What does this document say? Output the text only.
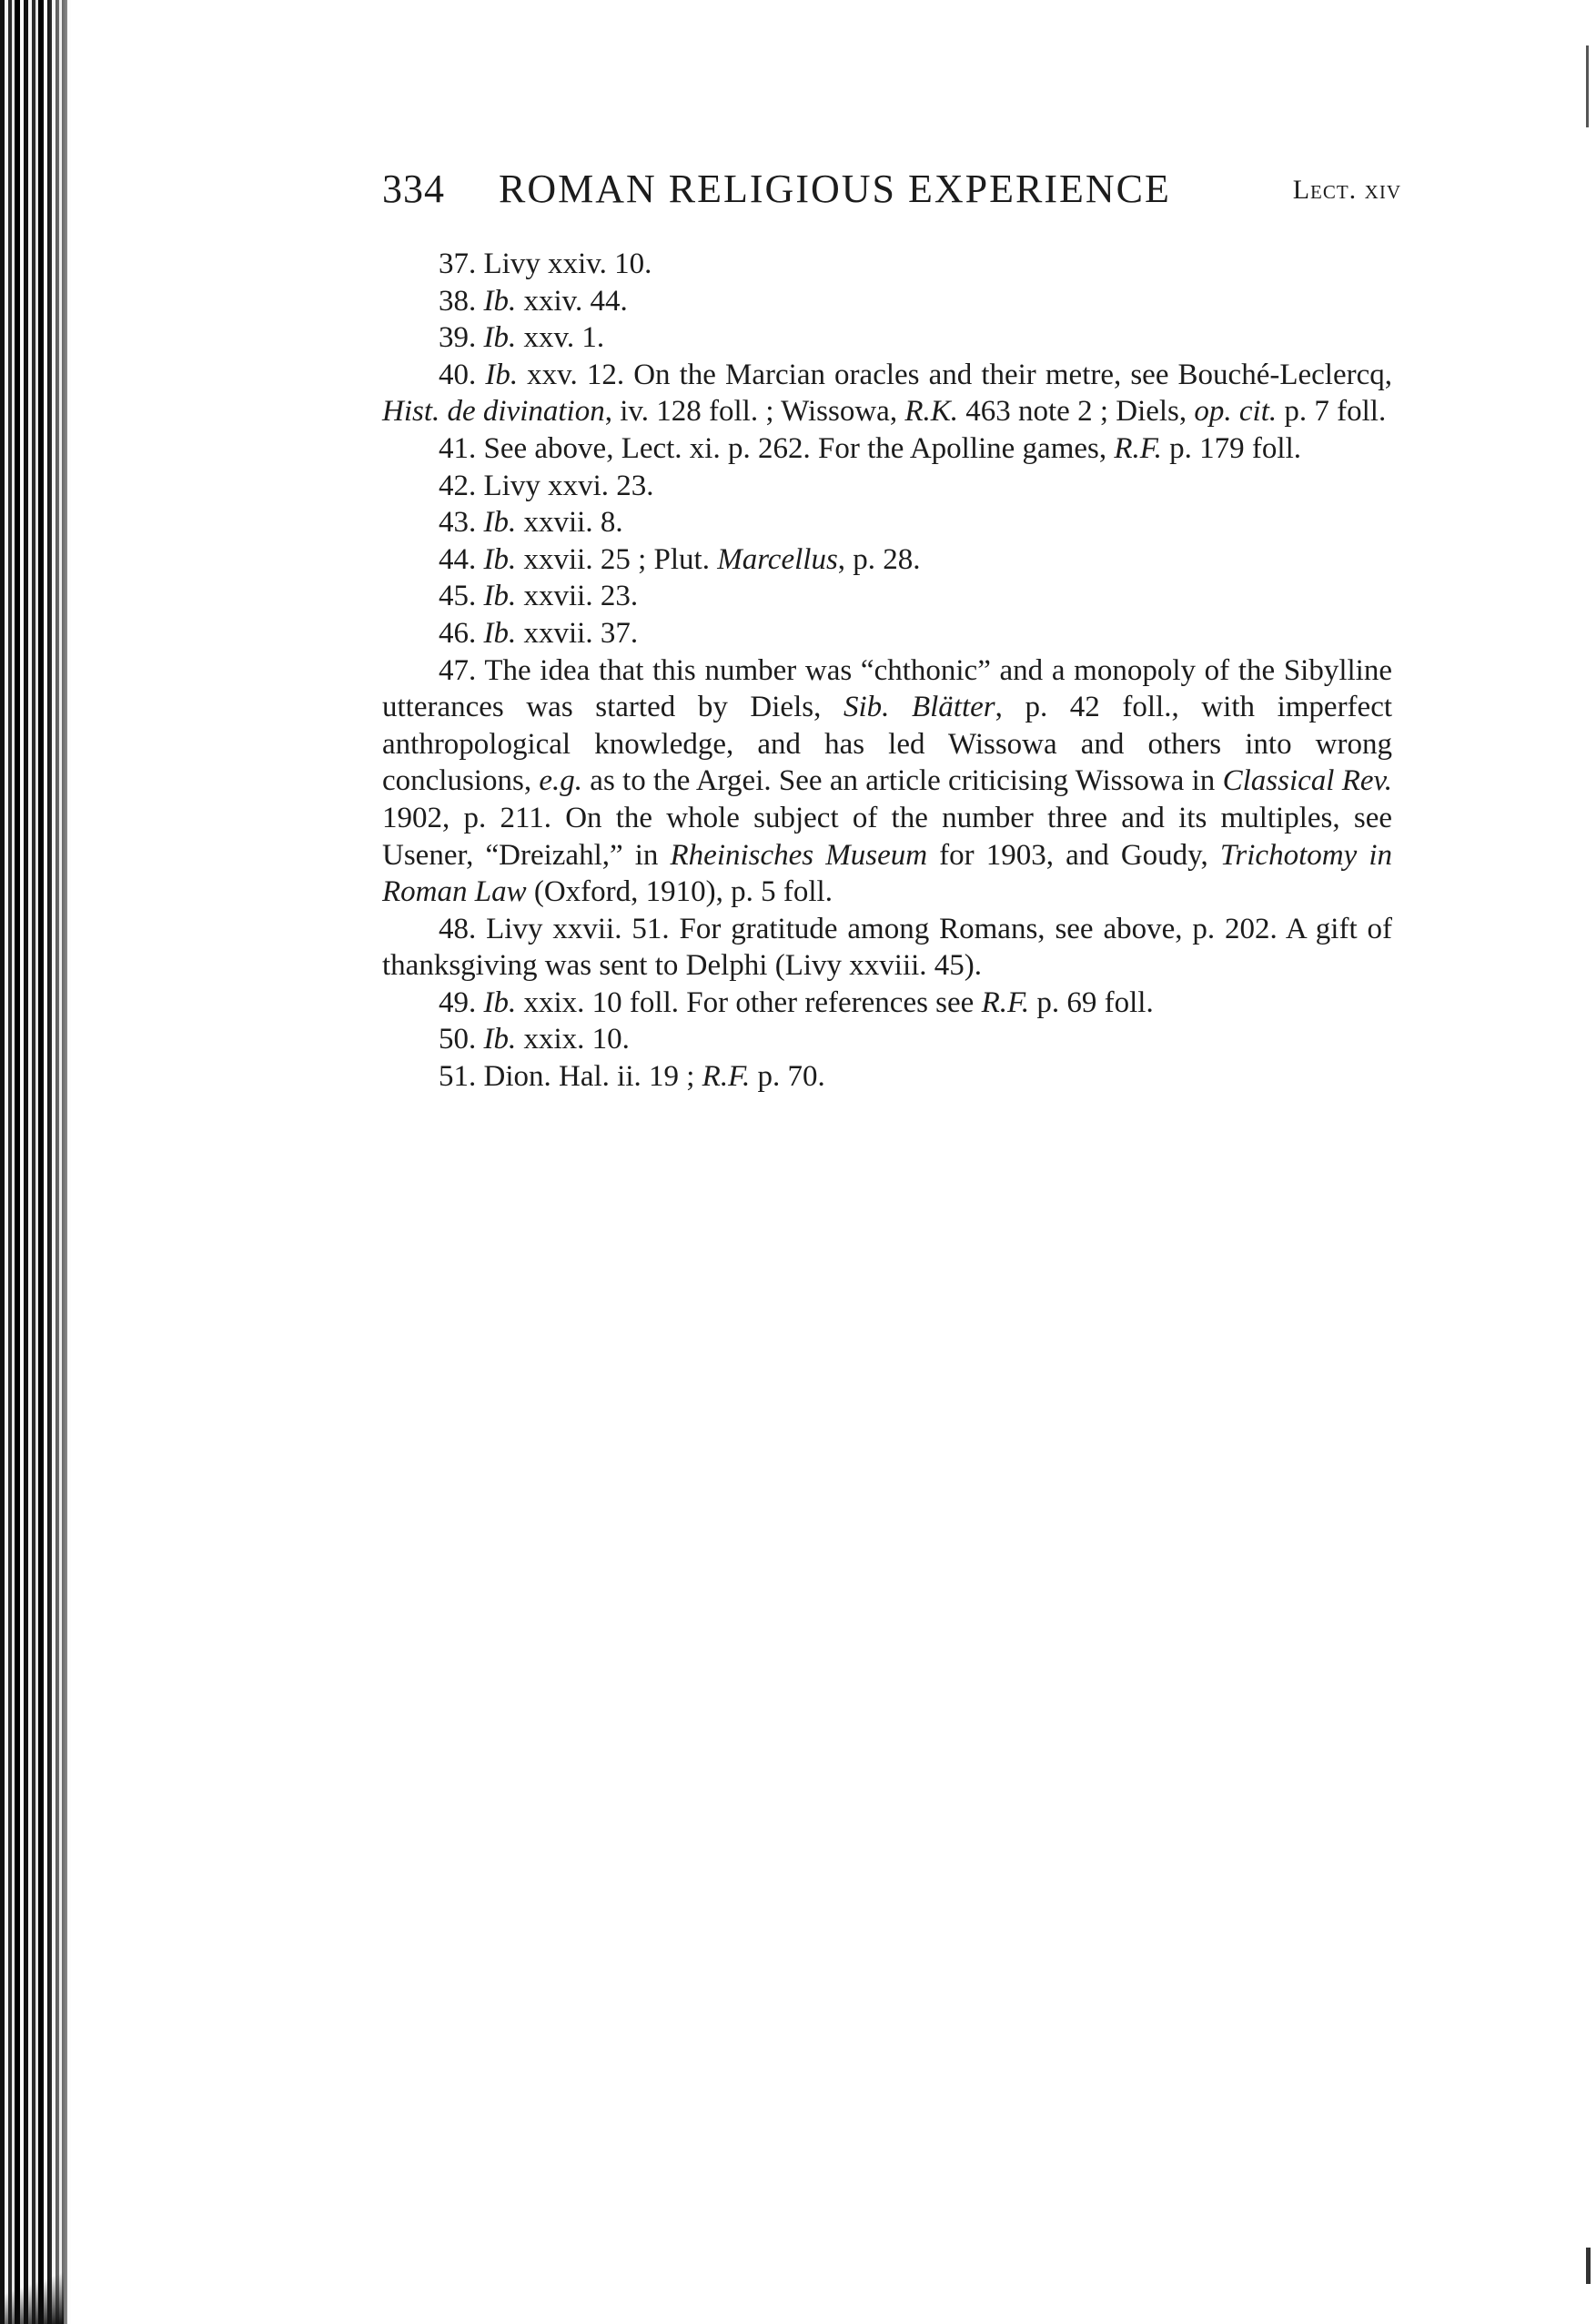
334 ROMAN RELIGIOUS EXPERIENCE	Lect. xiv

37. Livy xxiv. 10.

38. Ib. xxiv. 44.

39. Ib. xxv. 1.

40. Ib. xxv. 12. On the Marcian oracles and their metre, see Bouché-Leclercq, Hist. de divination, iv. 128 foll. ; Wissowa, R.K. 463 note 2 ; Diels, op. cit. p. 7 foll.

41. See above, Lect. xi. p. 262. For the Apolline games, R.F. p. 179 foll.

42. Livy xxvi. 23.

43. Ib. xxvii. 8.

44. Ib. xxvii. 25 ; Plut. Marcellus, p. 28.

45. Ib. xxvii. 23.

46. Ib. xxvii. 37.

47. The idea that this number was “chthonic” and a monopoly of the Sibylline utterances was started by Diels, Sib. Blätter, p. 42 foll., with imperfect anthropological knowledge, and has led Wissowa and others into wrong conclusions, e.g. as to the Argei. See an article criticising Wissowa in Classical Rev. 1902, p. 211. On the whole subject of the number three and its multiples, see Usener, “Dreizahl,” in Rheinisches Museum for 1903, and Goudy, Trichotomy in Roman Law (Oxford, 1910), p. 5 foll.

48. Livy xxvii. 51. For gratitude among Romans, see above, p. 202. A gift of thanksgiving was sent to Delphi (Livy xxviii. 45).

49. Ib. xxix. 10 foll. For other references see R.F. p. 69 foll.

50. Ib. xxix. 10.

51. Dion. Hal. ii. 19 ; R.F. p. 70.
